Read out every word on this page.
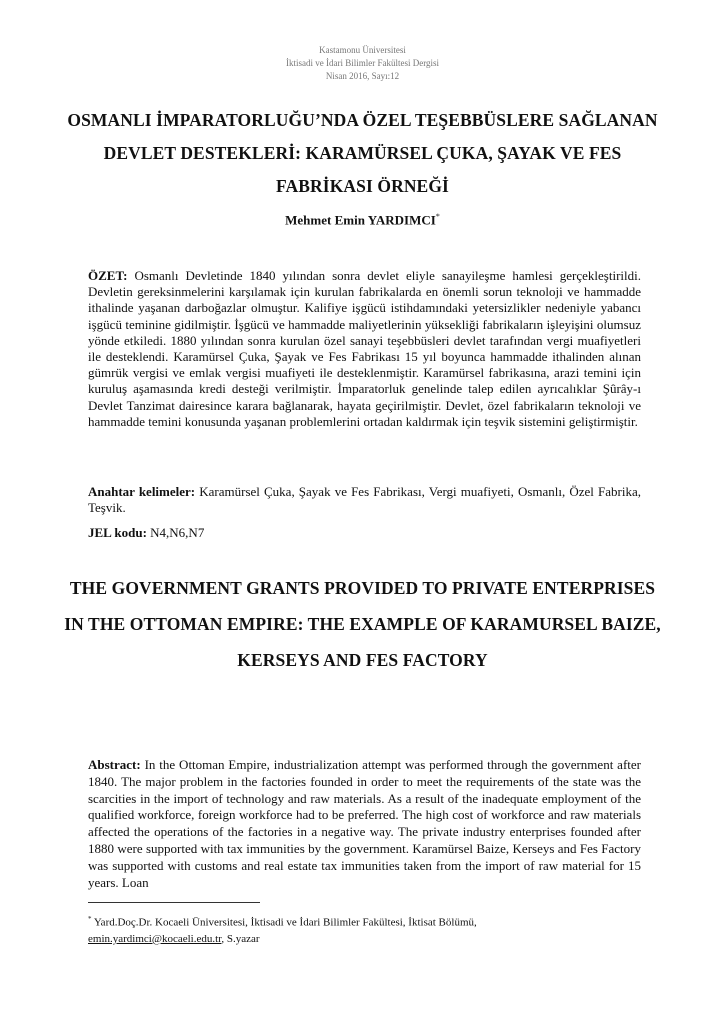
Kastamonu Üniversitesi
İktisadi ve İdari Bilimler Fakültesi Dergisi
Nisan 2016, Sayı:12
OSMANLI İMPARATORLUĞU’NDA ÖZEL TEŞEBBÜSLERE SAĞLANAN DEVLET DESTEKLERİ: KARAMÜRSEL ÇUKA, ŞAYAK VE FES FABRİKASI ÖRNEĞİ
Mehmet Emin YARDIMCI*
ÖZET: Osmanlı Devletinde 1840 yılından sonra devlet eliyle sanayileşme hamlesi gerçekleştirildi. Devletin gereksinmelerini karşılamak için kurulan fabrikalarda en önemli sorun teknoloji ve hammadde ithalinde yaşanan darboğazlar olmuştur. Kalifiye işgücü istihdamındaki yetersizlikler nedeniyle yabancı işgücü teminine gidilmiştir. İşgücü ve hammadde maliyetlerinin yüksekliği fabrikaların işleyişini olumsuz yönde etkiledi. 1880 yılından sonra kurulan özel sanayi teşebbüsleri devlet tarafından vergi muafiyetleri ile desteklendi. Karamürsel Çuka, Şayak ve Fes Fabrikası 15 yıl boyunca hammadde ithalinden alınan gümrük vergisi ve emlak vergisi muafiyeti ile desteklenmiştir. Karamürsel fabrikasına, arazi temini için kuruluş aşamasında kredi desteği verilmiştir. İmparatorluk genelinde talep edilen ayrıcalıklar Şûrây-ı Devlet Tanzimat dairesince karara bağlanarak, hayata geçirilmiştir. Devlet, özel fabrikaların teknoloji ve hammadde temini konusunda yaşanan problemlerini ortadan kaldırmak için teşvik sistemini geliştirmiştir.
Anahtar kelimeler: Karamürsel Çuka, Şayak ve Fes Fabrikası, Vergi muafiyeti, Osmanlı, Özel Fabrika, Teşvik.
JEL kodu: N4,N6,N7
THE GOVERNMENT GRANTS PROVIDED TO PRIVATE ENTERPRISES IN THE OTTOMAN EMPIRE: THE EXAMPLE OF KARAMURSEL BAIZE, KERSEYS AND FES FACTORY
Abstract: In the Ottoman Empire, industrialization attempt was performed through the government after 1840. The major problem in the factories founded in order to meet the requirements of the state was the scarcities in the import of technology and raw materials. As a result of the inadequate employment of the qualified workforce, foreign workforce had to be preferred. The high cost of workforce and raw materials affected the operations of the factories in a negative way. The private industry enterprises founded after 1880 were supported with tax immunities by the government. Karamürsel Baize, Kerseys and Fes Factory was supported with customs and real estate tax immunities taken from the import of raw material for 15 years. Loan
* Yard.Doç.Dr. Kocaeli Üniversitesi, İktisadi ve İdari Bilimler Fakültesi, İktisat Bölümü,
emin.yardimci@kocaeli.edu.tr, S.yazar
